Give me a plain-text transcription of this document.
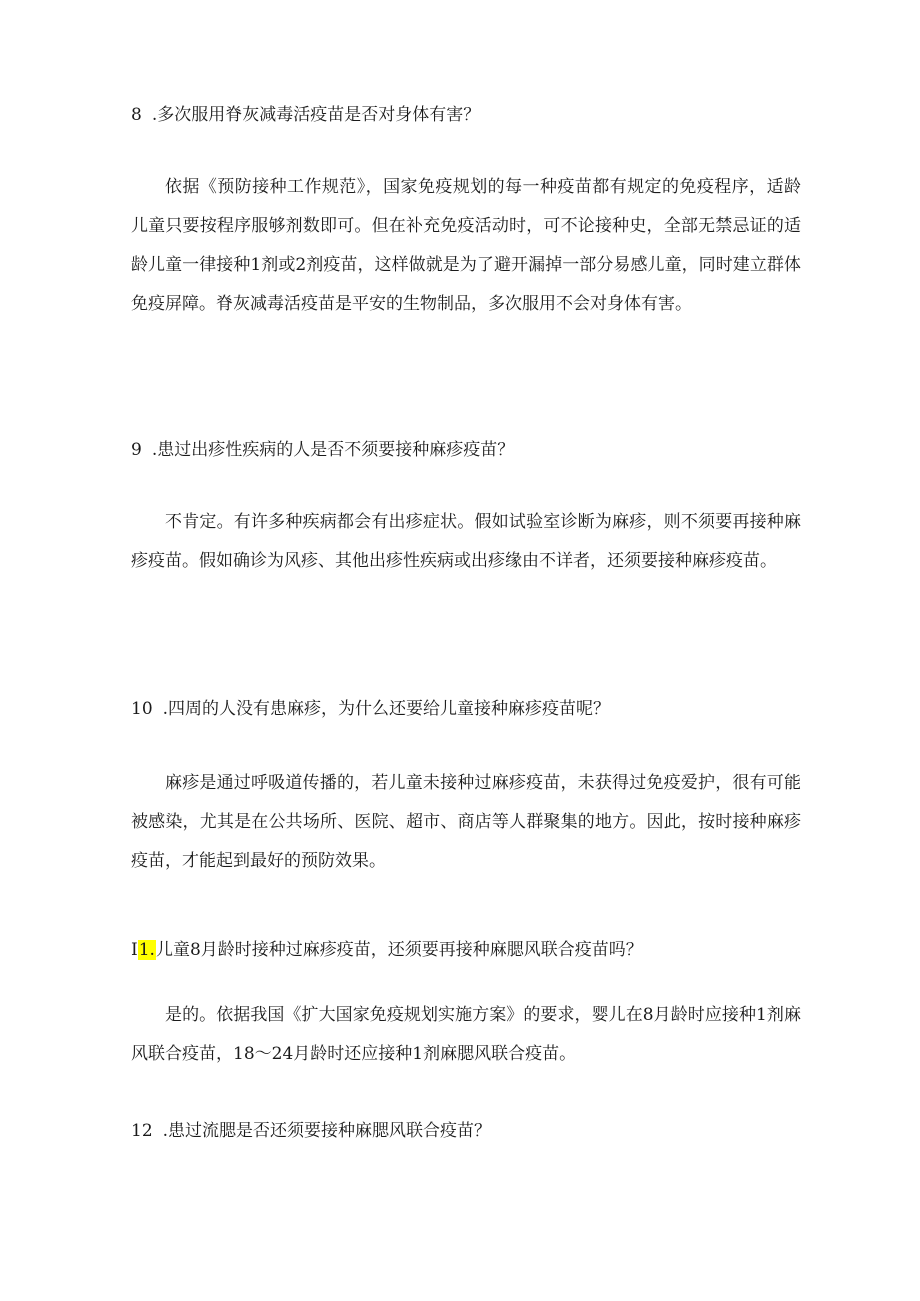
8 .多次服用脊灰减毒活疫苗是否对身体有害？

依据《预防接种工作规范》，国家免疫规划的每一种疫苗都有规定的免疫程序，适龄儿童只要按程序服够剂数即可。但在补充免疫活动时，可不论接种史，全部无禁忌证的适龄儿童一律接种1剂或2剂疫苗，这样做就是为了避开漏掉一部分易感儿童，同时建立群体免疫屏障。脊灰减毒活疫苗是平安的生物制品，多次服用不会对身体有害。

9 .患过出疹性疾病的人是否不须要接种麻疹疫苗？

不肯定。有许多种疾病都会有出疹症状。假如试验室诊断为麻疹，则不须要再接种麻疹疫苗。假如确诊为风疹、其他出疹性疾病或出疹缘由不详者，还须要接种麻疹疫苗。

10 .四周的人没有患麻疹，为什么还要给儿童接种麻疹疫苗呢？

麻疹是通过呼吸道传播的，若儿童未接种过麻疹疫苗，未获得过免疫爱护，很有可能被感染，尤其是在公共场所、医院、超市、商店等人群聚集的地方。因此，按时接种麻疹疫苗，才能起到最好的预防效果。

I1.儿童8月龄时接种过麻疹疫苗，还须要再接种麻腮风联合疫苗吗？

是的。依据我国《扩大国家免疫规划实施方案》的要求，婴儿在8月龄时应接种1剂麻风联合疫苗，18～24月龄时还应接种1剂麻腮风联合疫苗。

12 .患过流腮是否还须要接种麻腮风联合疫苗？
